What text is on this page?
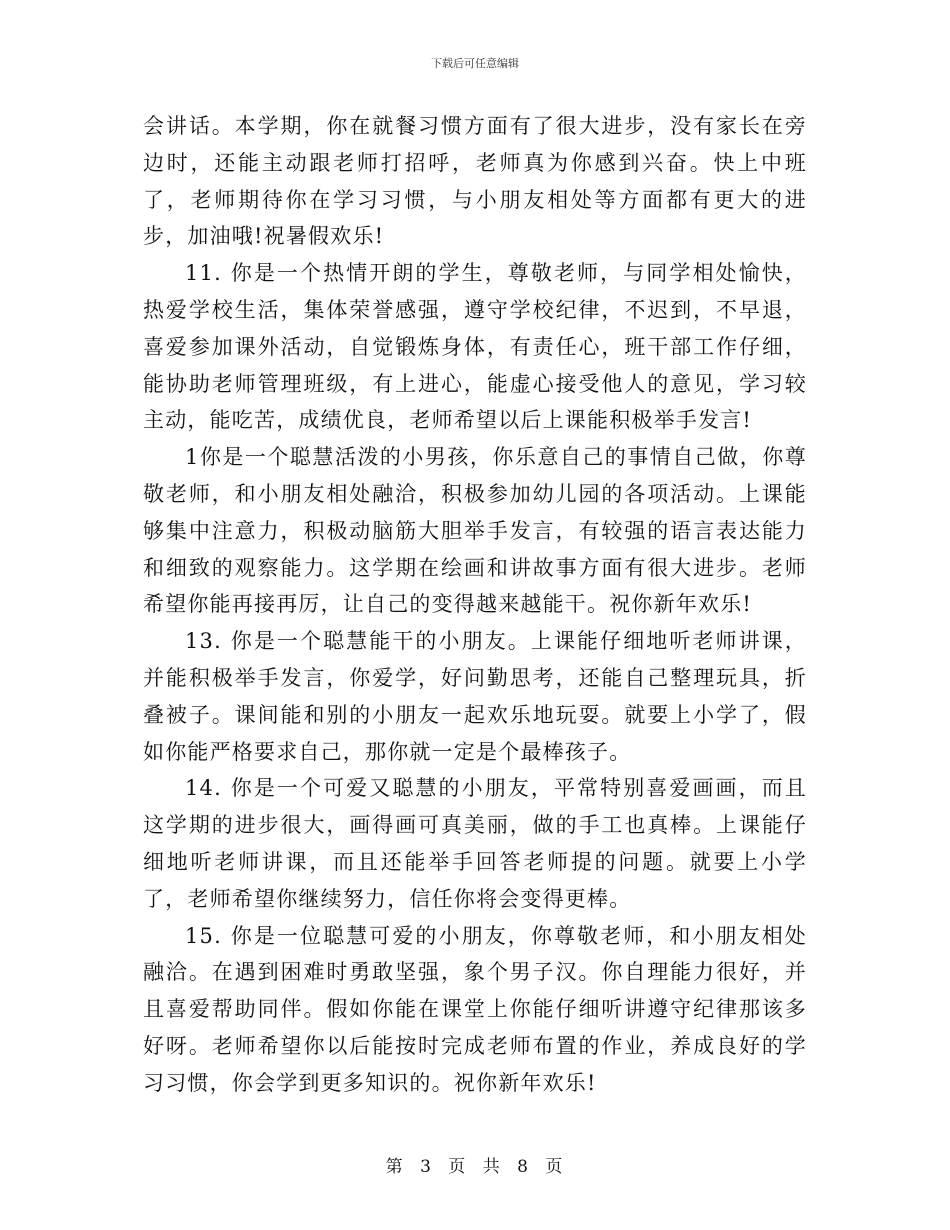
下载后可任意编辑

会讲话。本学期，你在就餐习惯方面有了很大进步，没有家长在旁边时，还能主动跟老师打招呼，老师真为你感到兴奋。快上中班了，老师期待你在学习习惯，与小朋友相处等方面都有更大的进步，加油哦!祝暑假欢乐!

11. 你是一个热情开朗的学生，尊敬老师，与同学相处愉快，热爱学校生活，集体荣誉感强，遵守学校纪律，不迟到，不早退，喜爱参加课外活动，自觉锻炼身体，有责任心，班干部工作仔细，能协助老师管理班级，有上进心，能虚心接受他人的意见，学习较主动，能吃苦，成绩优良，老师希望以后上课能积极举手发言!

1你是一个聪慧活泼的小男孩，你乐意自己的事情自己做，你尊敬老师，和小朋友相处融洽，积极参加幼儿园的各项活动。上课能够集中注意力，积极动脑筋大胆举手发言，有较强的语言表达能力和细致的观察能力。这学期在绘画和讲故事方面有很大进步。老师希望你能再接再厉，让自己的变得越来越能干。祝你新年欢乐!

13. 你是一个聪慧能干的小朋友。上课能仔细地听老师讲课，并能积极举手发言，你爱学，好问勤思考，还能自己整理玩具，折叠被子。课间能和别的小朋友一起欢乐地玩耍。就要上小学了，假如你能严格要求自己，那你就一定是个最棒孩子。

14. 你是一个可爱又聪慧的小朋友，平常特别喜爱画画，而且这学期的进步很大，画得画可真美丽，做的手工也真棒。上课能仔细地听老师讲课，而且还能举手回答老师提的问题。就要上小学了，老师希望你继续努力，信任你将会变得更棒。

15. 你是一位聪慧可爱的小朋友，你尊敬老师，和小朋友相处融洽。在遇到困难时勇敢坚强，象个男子汉。你自理能力很好，并且喜爱帮助同伴。假如你能在课堂上你能仔细听讲遵守纪律那该多好呀。老师希望你以后能按时完成老师布置的作业，养成良好的学习习惯，你会学到更多知识的。祝你新年欢乐!

第 3 页 共 8 页
